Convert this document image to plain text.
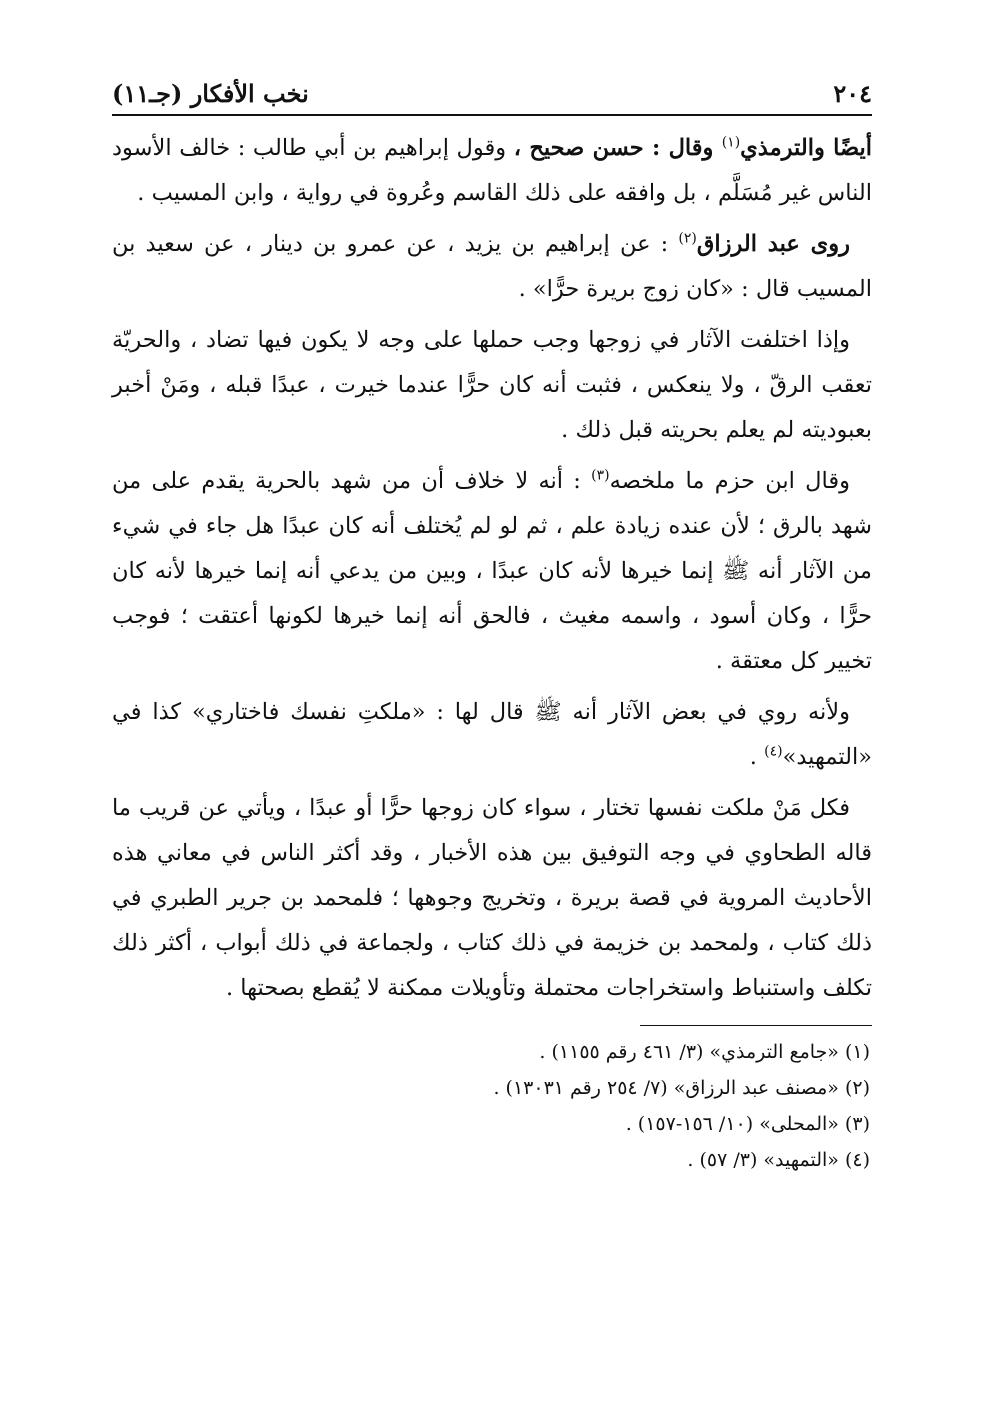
٢٠٤
نخب الأفكار (جـ١١)

أيضًا والترمذي$^{(١)}$ وقال : حسن صحيح ، وقول إبراهيم بن أبي طالب : خالف الأسود الناس غير مُسَلَّم ، بل وافقه على ذلك القاسم وعُروة في رواية ، وابن المسيب .

روى عبد الرزاق$^{(٢)}$ : عن إبراهيم بن يزيد ، عن عمرو بن دينار ، عن سعيد بن المسيب قال : «كان زوج بريرة حرًّا» .

وإذا اختلفت الآثار في زوجها وجب حملها على وجه لا يكون فيها تضاد ، والحريّة تعقب الرقّ ، ولا ينعكس ، فثبت أنه كان حرًّا عندما خيرت ، عبدًا قبله ، ومَنْ أخبر بعبوديته لم يعلم بحريته قبل ذلك .

وقال ابن حزم ما ملخصه$^{(٣)}$ : أنه لا خلاف أن من شهد بالحرية يقدم على من شهد بالرق ؛ لأن عنده زيادة علم ، ثم لو لم يُختلف أنه كان عبدًا هل جاء في شيء من الآثار أنه ﷺ إنما خيرها لأنه كان عبدًا ، وبين من يدعي أنه إنما خيرها لأنه كان حرًّا ، وكان أسود ، واسمه مغيث ، فالحق أنه إنما خيرها لكونها أعتقت ؛ فوجب تخيير كل معتقة .

ولأنه روي في بعض الآثار أنه ﷺ قال لها : «ملكتِ نفسك فاختاري» كذا في «التمهيد»$^{(٤)}$ .

فكل مَنْ ملكت نفسها تختار ، سواء كان زوجها حرًّا أو عبدًا ، ويأتي عن قريب ما قاله الطحاوي في وجه التوفيق بين هذه الأخبار ، وقد أكثر الناس في معاني هذه الأحاديث المروية في قصة بريرة ، وتخريج وجوهها ؛ فلمحمد بن جرير الطبري في ذلك كتاب ، ولمحمد بن خزيمة في ذلك كتاب ، ولجماعة في ذلك أبواب ، أكثر ذلك تكلف واستنباط واستخراجات محتملة وتأويلات ممكنة لا يُقطع بصحتها .

(١) «جامع الترمذي» (٣/ ٤٦١ رقم ١١٥٥) .

(٢) «مصنف عبد الرزاق» (٧/ ٢٥٤ رقم ١٣٠٣١) .

(٣) «المحلى» (١٠/ ١٥٦-١٥٧) .

(٤) «التمهيد» (٣/ ٥٧) .
